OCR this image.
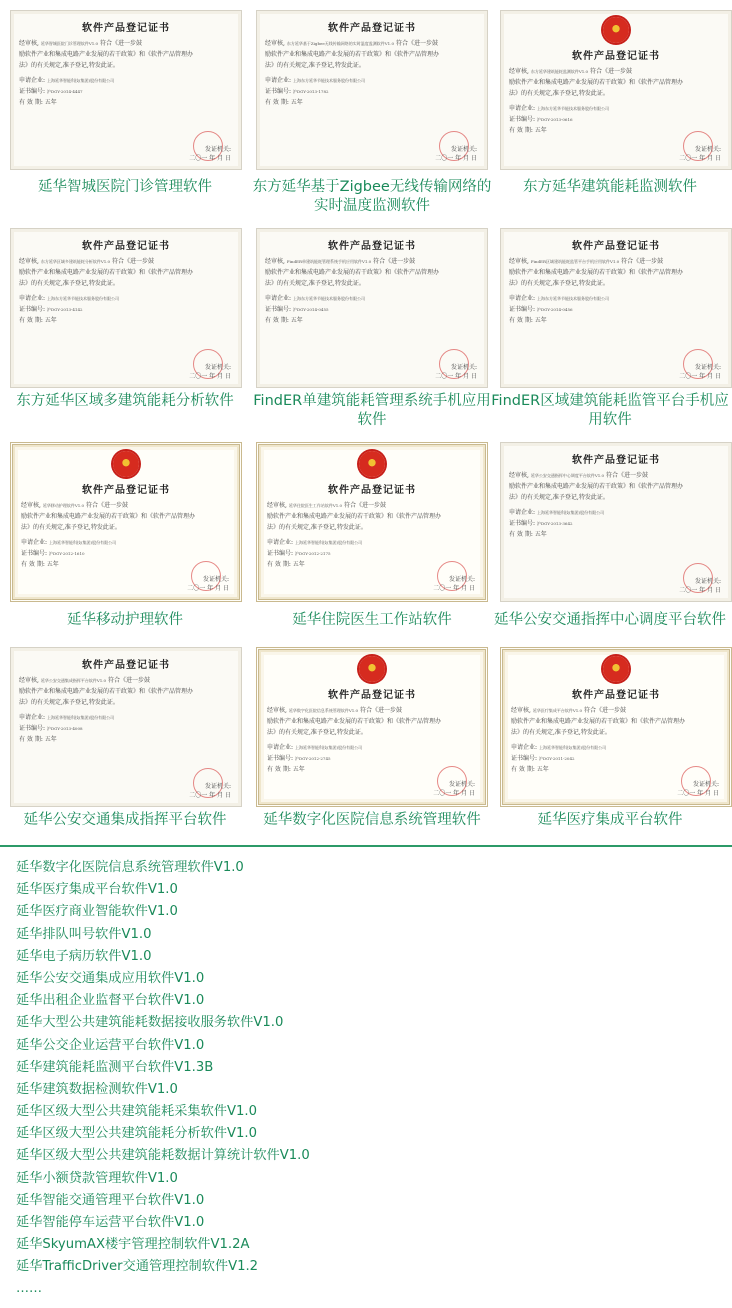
软件产品登记证书
经审核, 延华智城医院门诊管理软件V1.0 符合《进一步鼓
励软件产业和集成电路产业发展的若干政策》和《软件产品管理办
法》的有关规定,准予登记,特发此证。
申请企业: 上海延华智能科技(集团)股份有限公司
证书编号: 沪DGY-2014-4447
有 效 期: 五年
发证机关:
二〇一 年 月 日
延华智城医院门诊管理软件
软件产品登记证书
经审核, 东方延华基于Zigbee无线传输网络的实时温度监测软件V1.0 符合《进一步鼓
励软件产业和集成电路产业发展的若干政策》和《软件产品管理办
法》的有关规定,准予登记,特发此证。
申请企业: 上海东方延华节能技术服务股份有限公司
证书编号: 沪DGY-2013-1782
有 效 期: 五年
发证机关:
二〇一 年 月 日
东方延华基于Zigbee无线传输网络的实时温度监测软件
软件产品登记证书
经审核, 东方延华建筑能耗监测软件V1.0 符合《进一步鼓
励软件产业和集成电路产业发展的若干政策》和《软件产品管理办
法》的有关规定,准予登记,特发此证。
申请企业: 上海东方延华节能技术服务股份有限公司
证书编号: 沪DGY-2013-0616
有 效 期: 五年
发证机关:
二〇一 年 月 日
东方延华建筑能耗监测软件
软件产品登记证书
经审核, 东方延华区域多建筑能耗分析软件V1.0 符合《进一步鼓
励软件产业和集成电路产业发展的若干政策》和《软件产品管理办
法》的有关规定,准予登记,特发此证。
申请企业: 上海东方延华节能技术服务股份有限公司
证书编号: 沪DGY-2013-4142
有 效 期: 五年
发证机关:
二〇一 年 月 日
东方延华区域多建筑能耗分析软件
软件产品登记证书
经审核, FindER单建筑能耗管理系统手机应用软件V1.0 符合《进一步鼓
励软件产业和集成电路产业发展的若干政策》和《软件产品管理办
法》的有关规定,准予登记,特发此证。
申请企业: 上海东方延华节能技术服务股份有限公司
证书编号: 沪DGY-2014-0455
有 效 期: 五年
发证机关:
二〇一 年 月 日
FindER单建筑能耗管理系统手机应用软件
软件产品登记证书
经审核, FindER区域建筑能耗监管平台手机应用软件V1.0 符合《进一步鼓
励软件产业和集成电路产业发展的若干政策》和《软件产品管理办
法》的有关规定,准予登记,特发此证。
申请企业: 上海东方延华节能技术服务股份有限公司
证书编号: 沪DGY-2014-0456
有 效 期: 五年
发证机关:
二〇一 年 月 日
FindER区域建筑能耗监管平台手机应用软件
软件产品登记证书
经审核, 延华移动护理软件V1.0 符合《进一步鼓
励软件产业和集成电路产业发展的若干政策》和《软件产品管理办
法》的有关规定,准予登记,特发此证。
申请企业: 上海延华智能科技(集团)股份有限公司
证书编号: 沪DGY-2012-1610
有 效 期: 五年
发证机关:
二〇一 年 月 日
延华移动护理软件
软件产品登记证书
经审核, 延华住院医生工作站软件V1.0 符合《进一步鼓
励软件产业和集成电路产业发展的若干政策》和《软件产品管理办
法》的有关规定,准予登记,特发此证。
申请企业: 上海延华智能科技(集团)股份有限公司
证书编号: 沪DGY-2012-2175
有 效 期: 五年
发证机关:
二〇一 年 月 日
延华住院医生工作站软件
软件产品登记证书
经审核, 延华公安交通指挥中心调度平台软件V1.0 符合《进一步鼓
励软件产业和集成电路产业发展的若干政策》和《软件产品管理办
法》的有关规定,准予登记,特发此证。
申请企业: 上海延华智能科技(集团)股份有限公司
证书编号: 沪DGY-2013-3642
有 效 期: 五年
发证机关:
二〇一 年 月 日
延华公安交通指挥中心调度平台软件
软件产品登记证书
经审核, 延华公安交通集成指挥平台软件V1.0 符合《进一步鼓
励软件产业和集成电路产业发展的若干政策》和《软件产品管理办
法》的有关规定,准予登记,特发此证。
申请企业: 上海延华智能科技(集团)股份有限公司
证书编号: 沪DGY-2013-4008
有 效 期: 五年
发证机关:
二〇一 年 月 日
延华公安交通集成指挥平台软件
软件产品登记证书
经审核, 延华数字化医院信息系统管理软件V1.0 符合《进一步鼓
励软件产业和集成电路产业发展的若干政策》和《软件产品管理办
法》的有关规定,准予登记,特发此证。
申请企业: 上海延华智能科技(集团)股份有限公司
证书编号: 沪DGY-2012-2745
有 效 期: 五年
发证机关:
二〇一 年 月 日
延华数字化医院信息系统管理软件
软件产品登记证书
经审核, 延华医疗集成平台软件V1.0 符合《进一步鼓
励软件产业和集成电路产业发展的若干政策》和《软件产品管理办
法》的有关规定,准予登记,特发此证。
申请企业: 上海延华智能科技(集团)股份有限公司
证书编号: 沪DGY-2011-2042
有 效 期: 五年
发证机关:
二〇一 年 月 日
延华医疗集成平台软件
延华数字化医院信息系统管理软件V1.0
延华医疗集成平台软件V1.0
延华医疗商业智能软件V1.0
延华排队叫号软件V1.0
延华电子病历软件V1.0
延华公安交通集成应用软件V1.0
延华出租企业监督平台软件V1.0
延华大型公共建筑能耗数据接收服务软件V1.0
延华公交企业运营平台软件V1.0
延华建筑能耗监测平台软件V1.3B
延华建筑数据检测软件V1.0
延华区级大型公共建筑能耗采集软件V1.0
延华区级大型公共建筑能耗分析软件V1.0
延华区级大型公共建筑能耗数据计算统计软件V1.0
延华小额贷款管理软件V1.0
延华智能交通管理平台软件V1.0
延华智能停车运营平台软件V1.0
延华SkyumAX楼宇管理控制软件V1.2A
延华TrafficDriver交通管理控制软件V1.2
……
